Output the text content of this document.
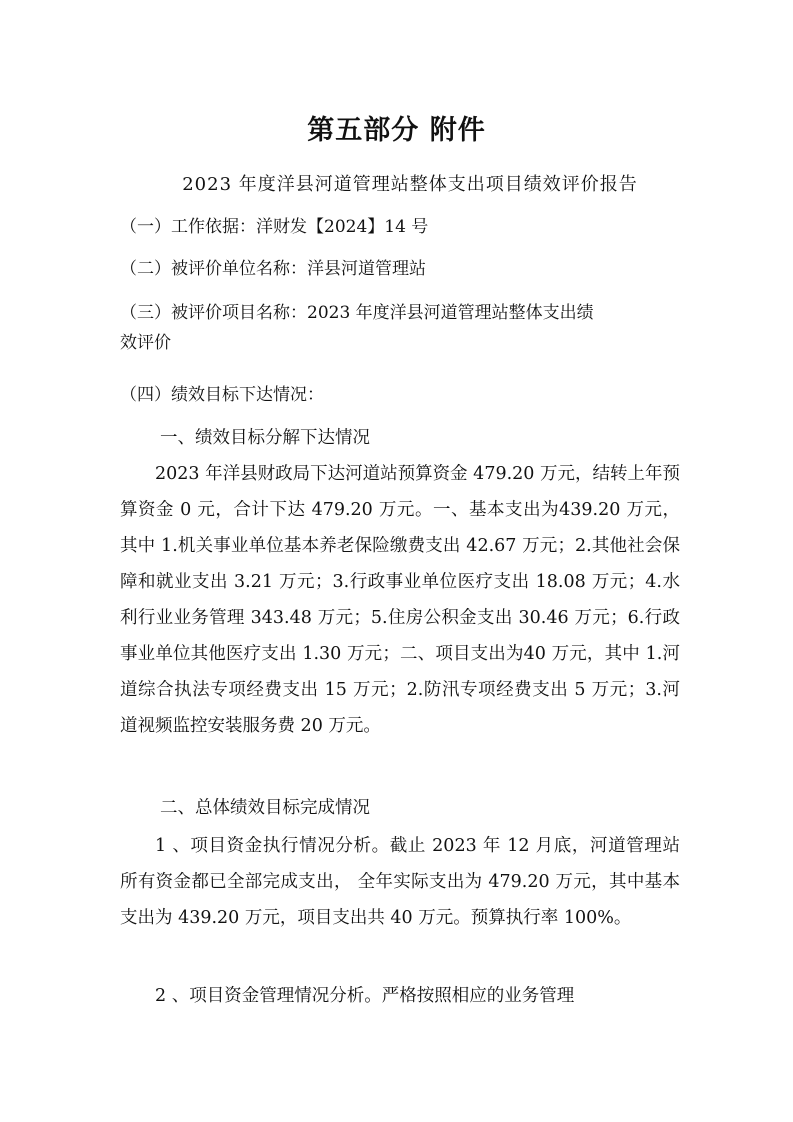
第五部分 附件
2023 年度洋县河道管理站整体支出项目绩效评价报告
（一）工作依据：洋财发【2024】14 号
（二）被评价单位名称：洋县河道管理站
（三）被评价项目名称：2023 年度洋县河道管理站整体支出绩
效评价
（四）绩效目标下达情况：
一、绩效目标分解下达情况
2023 年洋县财政局下达河道站预算资金 479.20 万元，结转上年预算资金 0 元，合计下达 479.20 万元。一、基本支出为439.20 万元，其中 1.机关事业单位基本养老保险缴费支出 42.67 万元；2.其他社会保障和就业支出 3.21 万元；3.行政事业单位医疗支出 18.08 万元；4.水利行业业务管理 343.48 万元；5.住房公积金支出 30.46 万元；6.行政事业单位其他医疗支出 1.30 万元；二、项目支出为40 万元，其中 1.河道综合执法专项经费支出 15 万元；2.防汛专项经费支出 5 万元；3.河道视频监控安装服务费 20 万元。
二、总体绩效目标完成情况
1 、项目资金执行情况分析。截止 2023 年 12 月底，河道管理站所有资金都已全部完成支出， 全年实际支出为 479.20 万元，其中基本支出为 439.20 万元，项目支出共 40 万元。预算执行率 100%。
2 、项目资金管理情况分析。严格按照相应的业务管理
